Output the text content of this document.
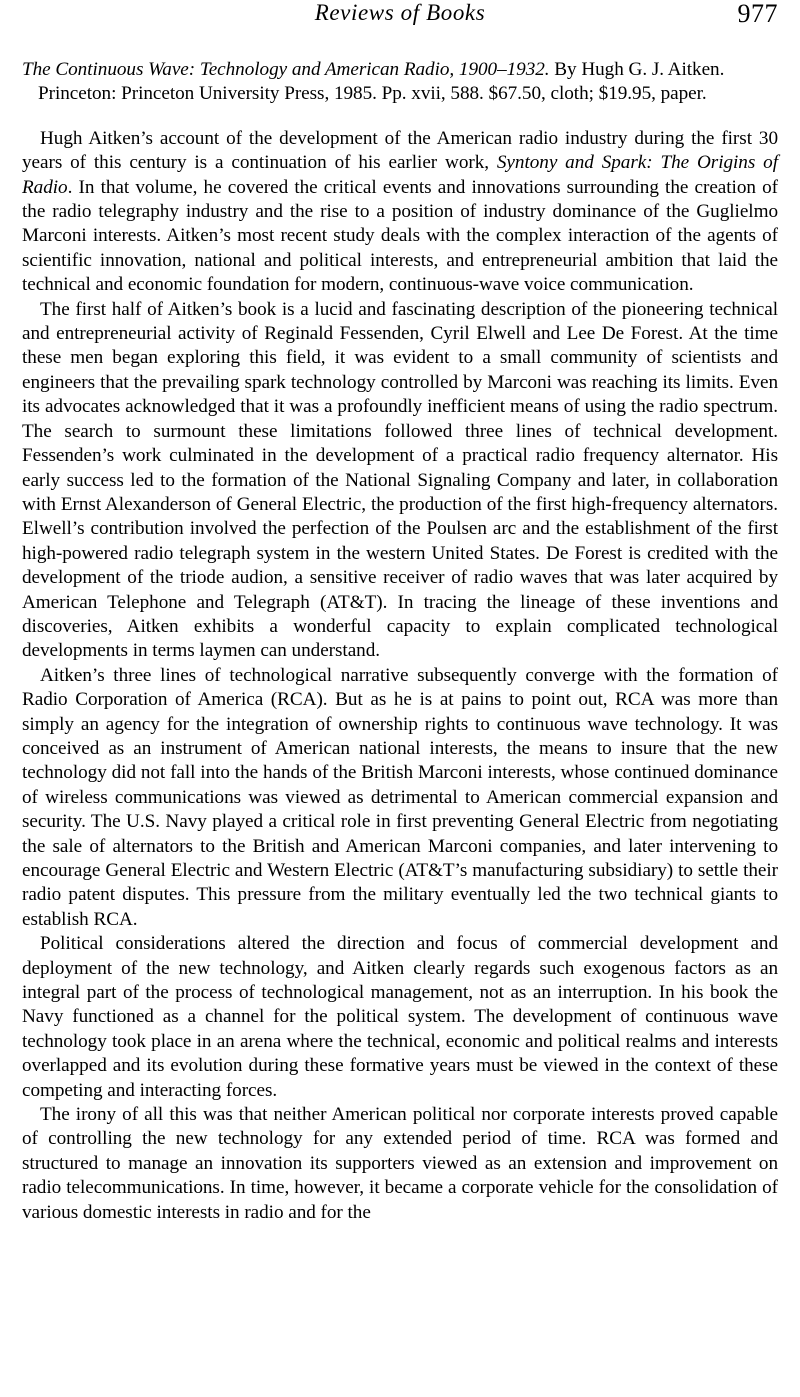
Reviews of Books	977
The Continuous Wave: Technology and American Radio, 1900–1932. By Hugh G. J. Aitken. Princeton: Princeton University Press, 1985. Pp. xvii, 588. $67.50, cloth; $19.95, paper.

Hugh Aitken’s account of the development of the American radio industry during the first 30 years of this century is a continuation of his earlier work, Syntony and Spark: The Origins of Radio. In that volume, he covered the critical events and innovations surrounding the creation of the radio telegraphy industry and the rise to a position of industry dominance of the Guglielmo Marconi interests. Aitken’s most recent study deals with the complex interaction of the agents of scientific innovation, national and political interests, and entrepreneurial ambition that laid the technical and economic foundation for modern, continuous-wave voice communication.

The first half of Aitken’s book is a lucid and fascinating description of the pioneering technical and entrepreneurial activity of Reginald Fessenden, Cyril Elwell and Lee De Forest. At the time these men began exploring this field, it was evident to a small community of scientists and engineers that the prevailing spark technology controlled by Marconi was reaching its limits. Even its advocates acknowledged that it was a profoundly inefficient means of using the radio spectrum. The search to surmount these limitations followed three lines of technical development. Fessenden’s work culminated in the development of a practical radio frequency alternator. His early success led to the formation of the National Signaling Company and later, in collaboration with Ernst Alexanderson of General Electric, the production of the first high-frequency alternators. Elwell’s contribution involved the perfection of the Poulsen arc and the establishment of the first high-powered radio telegraph system in the western United States. De Forest is credited with the development of the triode audion, a sensitive receiver of radio waves that was later acquired by American Telephone and Telegraph (AT&T). In tracing the lineage of these inventions and discoveries, Aitken exhibits a wonderful capacity to explain complicated technological developments in terms laymen can understand.

Aitken’s three lines of technological narrative subsequently converge with the formation of Radio Corporation of America (RCA). But as he is at pains to point out, RCA was more than simply an agency for the integration of ownership rights to continuous wave technology. It was conceived as an instrument of American national interests, the means to insure that the new technology did not fall into the hands of the British Marconi interests, whose continued dominance of wireless communications was viewed as detrimental to American commercial expansion and security. The U.S. Navy played a critical role in first preventing General Electric from negotiating the sale of alternators to the British and American Marconi companies, and later intervening to encourage General Electric and Western Electric (AT&T’s manufacturing subsidiary) to settle their radio patent disputes. This pressure from the military eventually led the two technical giants to establish RCA.

Political considerations altered the direction and focus of commercial development and deployment of the new technology, and Aitken clearly regards such exogenous factors as an integral part of the process of technological management, not as an interruption. In his book the Navy functioned as a channel for the political system. The development of continuous wave technology took place in an arena where the technical, economic and political realms and interests overlapped and its evolution during these formative years must be viewed in the context of these competing and interacting forces.

The irony of all this was that neither American political nor corporate interests proved capable of controlling the new technology for any extended period of time. RCA was formed and structured to manage an innovation its supporters viewed as an extension and improvement on radio telecommunications. In time, however, it became a corporate vehicle for the consolidation of various domestic interests in radio and for the
